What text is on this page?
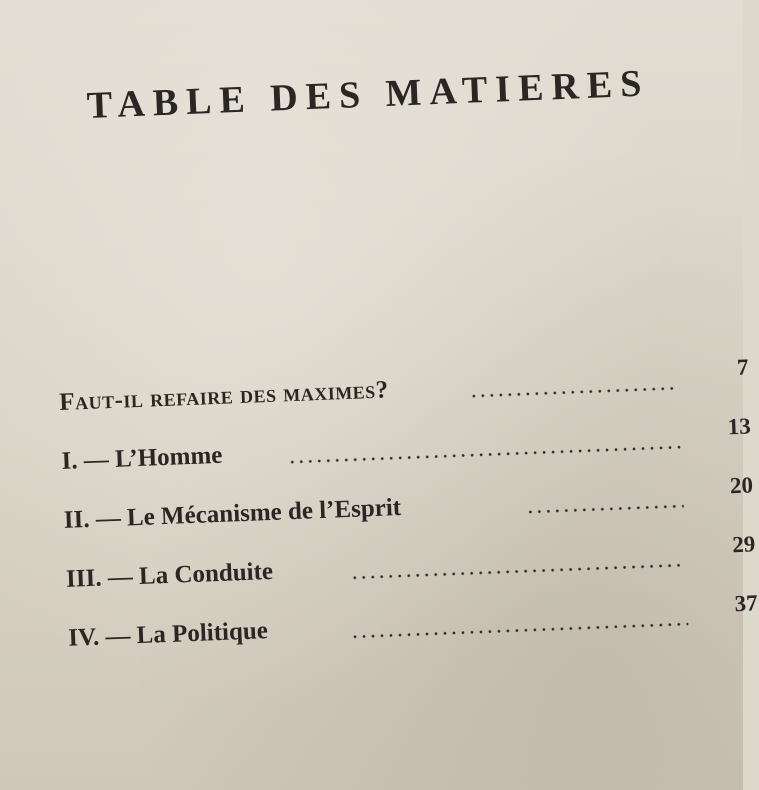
TABLE DES MATIERES
Faut-il refaire des maximes?
7
I. — L’Homme
13
II. — Le Mécanisme de l’Esprit
20
III. — La Conduite
29
IV. — La Politique
37
